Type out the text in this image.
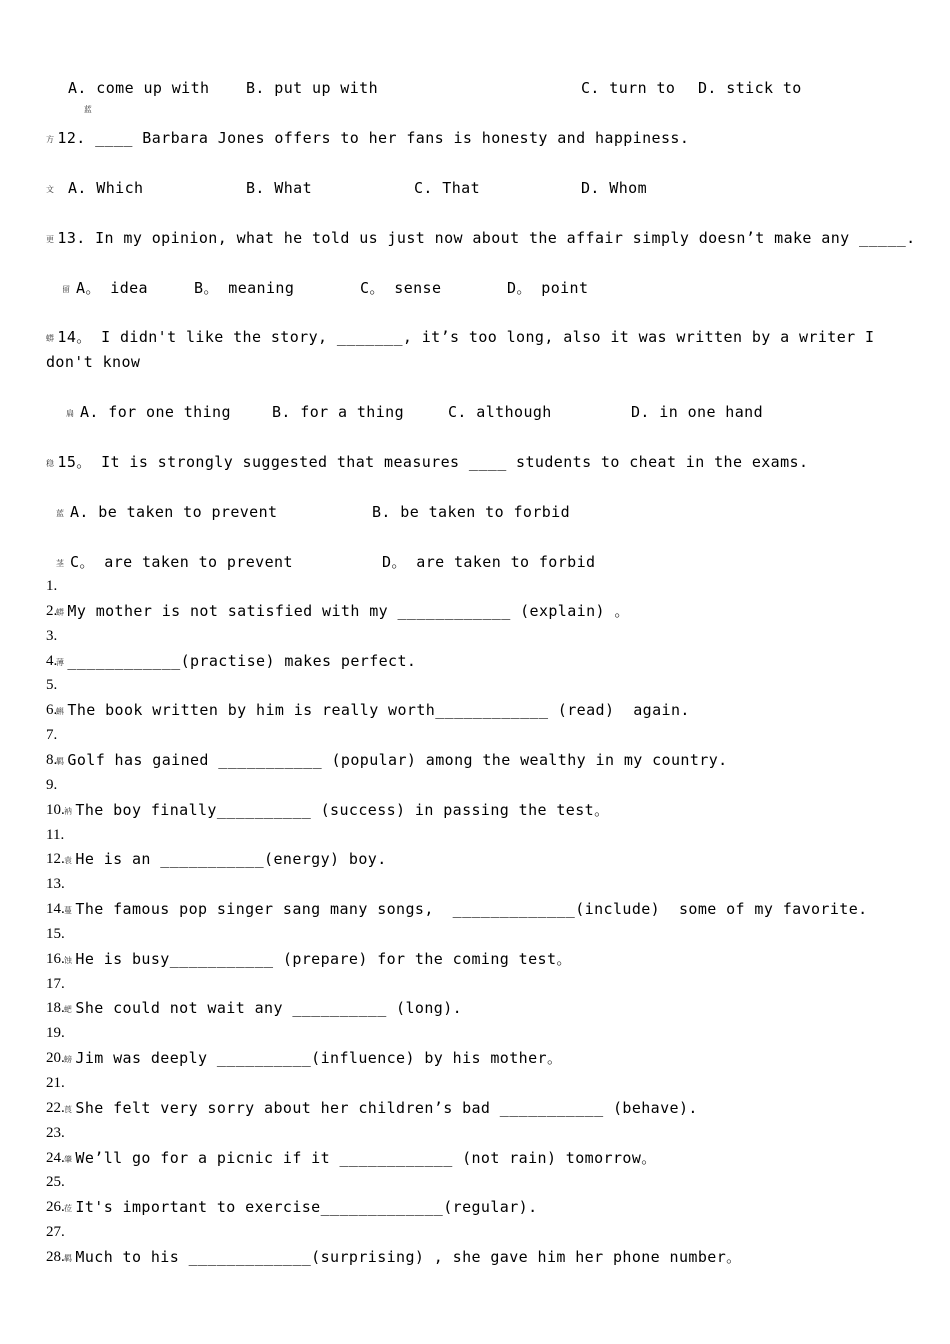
蓝

A. come up with B. put up with	C. turn to D. stick to
方 12. ____ Barbara Jones offers to her fans is honesty and happiness.
文 A. Which	B. What	C. That	D. Whom
更 13. In my opinion, what he told us just now about the affair simply doesn’t make any _____.
留 A。 idea	B。 meaning	C。 sense	D。 point
蟒 14。 I didn't like the story, _______, it’s too long, also it was written by a writer I
don't know
扁 A. for one thing	B. for a thing	C. although	D. in one hand
稳 15。 It is strongly suggested that measures ____ students to cheat in the exams.
蓝 A. be taken to prevent	B. be taken to forbid
茎 C。 are taken to prevent	D。 are taken to forbid
1.
2.
蟒 My mother is not satisfied with my ____________ (explain) 。
3.
4.
薄 ____________(practise) makes perfect.
5.
6.
蝌 The book written by him is really worth____________ (read)  again.
7.
8.
羁 Golf has gained ___________ (popular) among the wealthy in my country.
9.
10. 衲 The boy finally__________ (success) in passing the test。
11.
12. 袁 He is an ___________(energy) boy.
13.
14. 蔓 The famous pop singer sang many songs,  _____________(include)  some of my favorite.
15.
16. 蚀 He is busy___________ (prepare) for the coming test。
17.
18. 蚆 She could not wait any __________ (long).
19.
20. 螃 Jim was deeply __________(influence) by his mother。
21.
22. 莨 She felt very sorry about her children’s bad ___________ (behave).
23.
24. 肇 We’ll go for a picnic if it ____________ (not rain) tomorrow。
25.
26. 莅 It's important to exercise_____________(regular).
27.
28. 羁 Much to his _____________(surprising) , she gave him her phone number。
